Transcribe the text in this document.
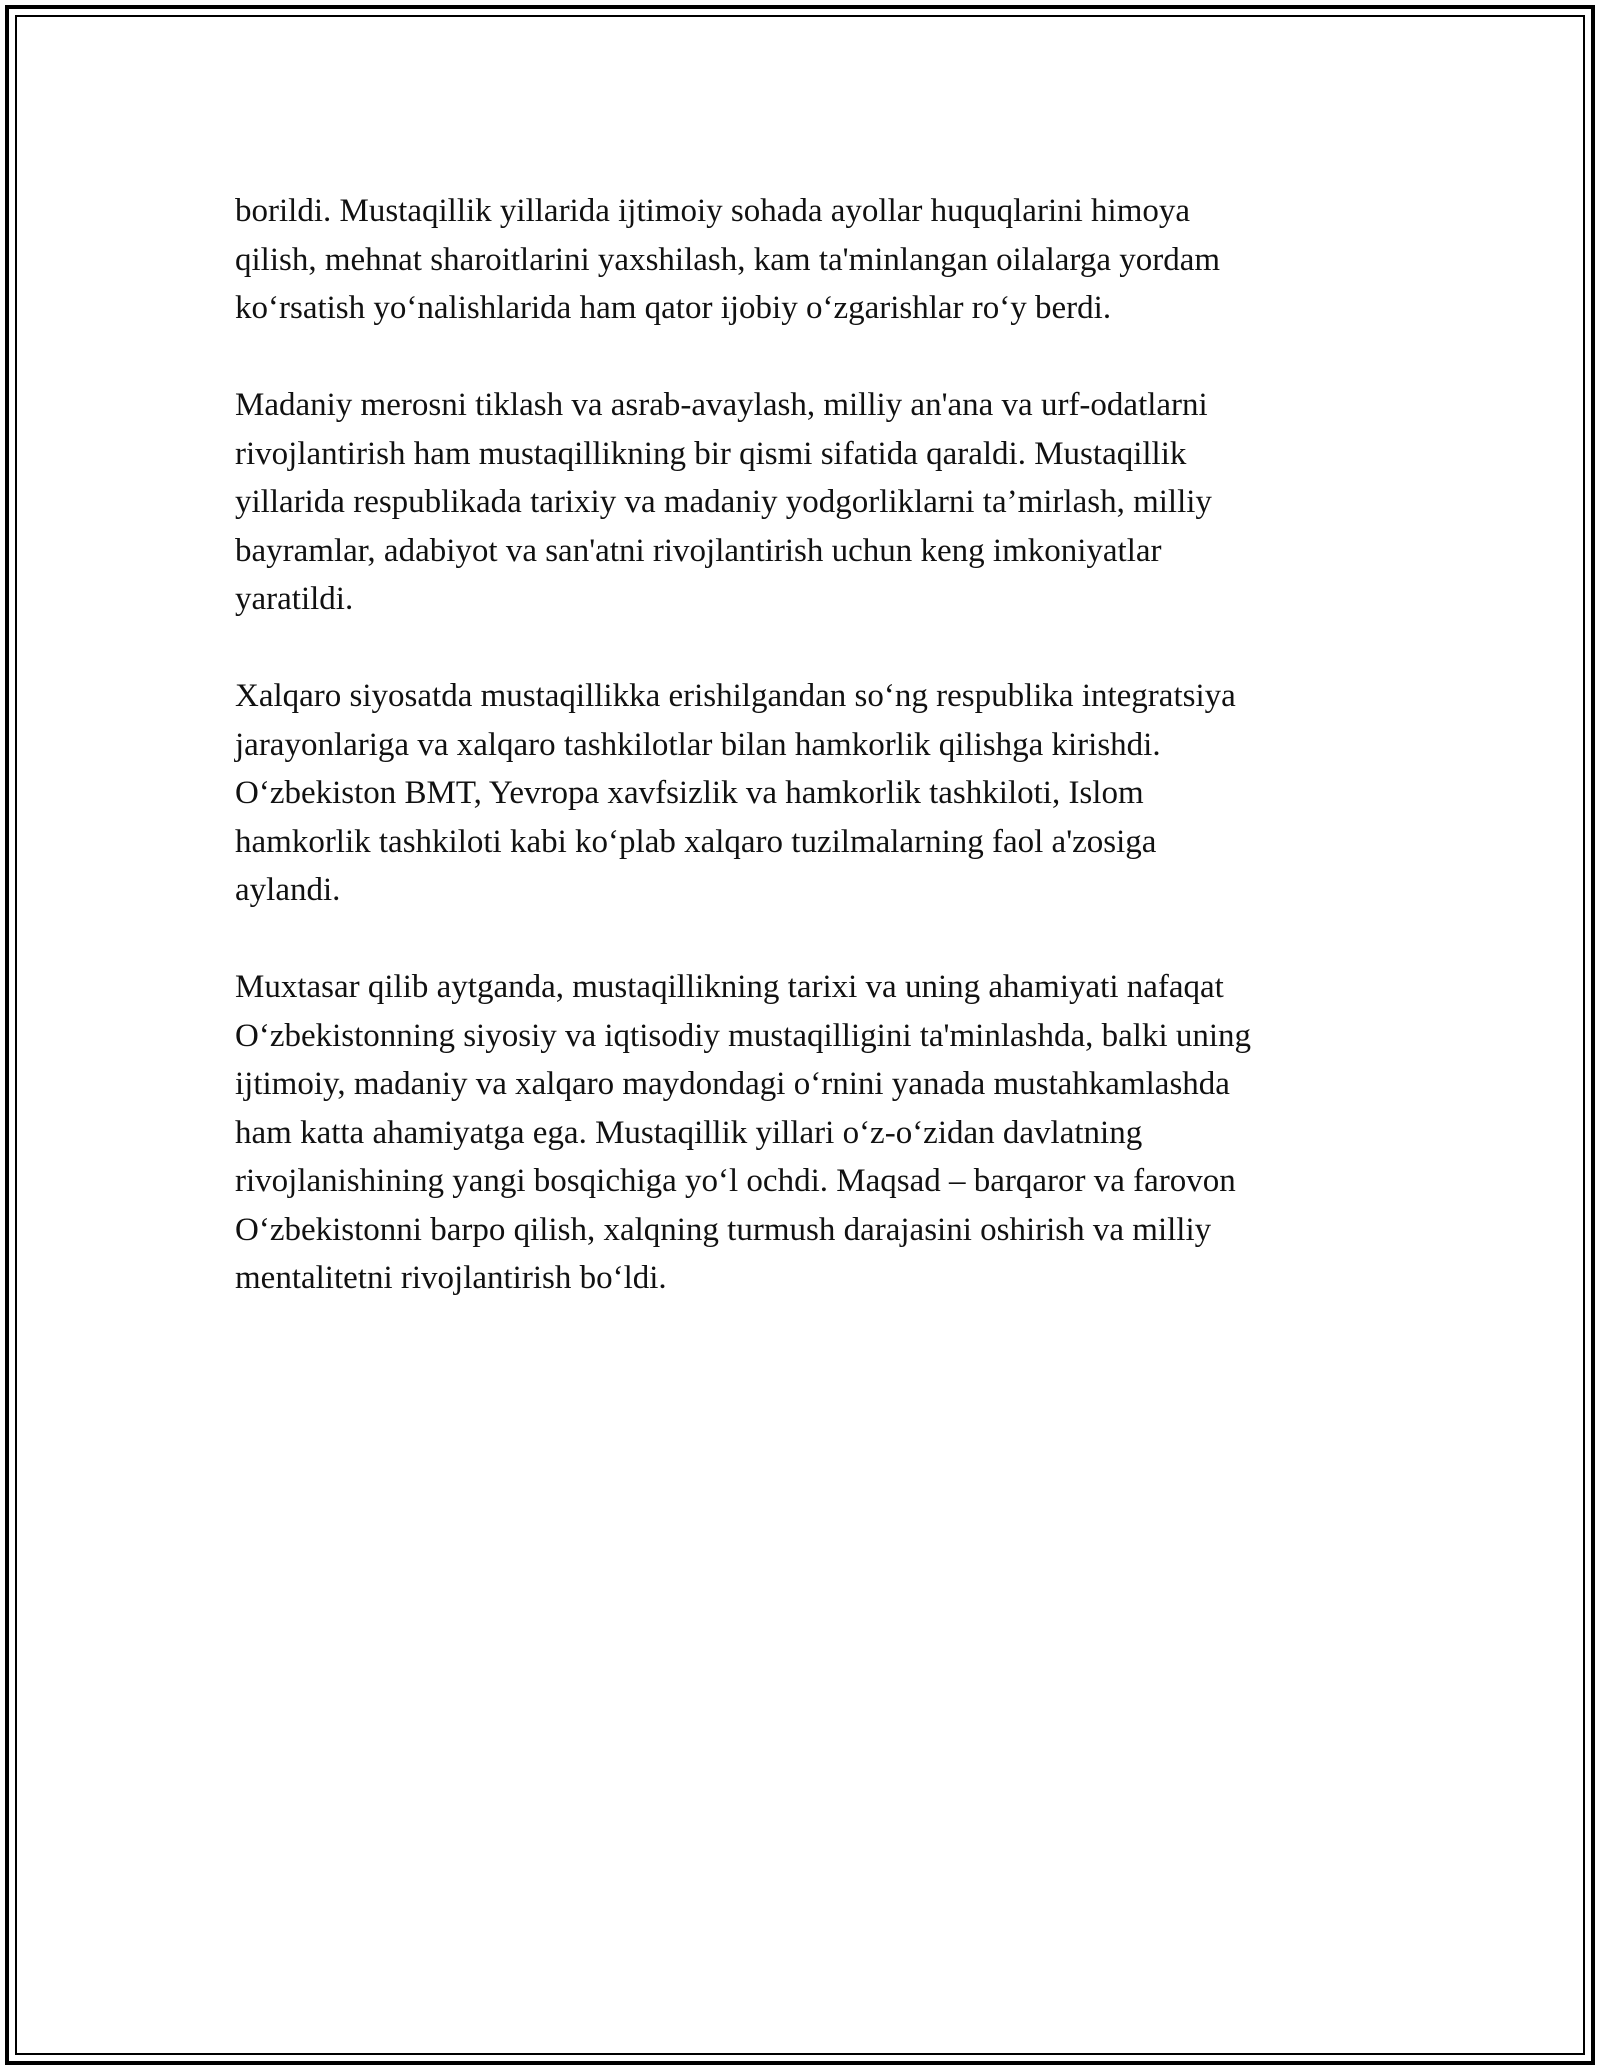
borildi. Mustaqillik yillarida ijtimoiy sohada ayollar huquqlarini himoya
qilish, mehnat sharoitlarini yaxshilash, kam ta'minlangan oilalarga yordam
ko‘rsatish yo‘nalishlarida ham qator ijobiy o‘zgarishlar ro‘y berdi.

Madaniy merosni tiklash va asrab-avaylash, milliy an'ana va urf-odatlarni
rivojlantirish ham mustaqillikning bir qismi sifatida qaraldi. Mustaqillik
yillarida respublikada tarixiy va madaniy yodgorliklarni ta’mirlash, milliy
bayramlar, adabiyot va san'atni rivojlantirish uchun keng imkoniyatlar
yaratildi.

Xalqaro siyosatda mustaqillikka erishilgandan so‘ng respublika integratsiya
jarayonlariga va xalqaro tashkilotlar bilan hamkorlik qilishga kirishdi.
O‘zbekiston BMT, Yevropa xavfsizlik va hamkorlik tashkiloti, Islom
hamkorlik tashkiloti kabi ko‘plab xalqaro tuzilmalarning faol a'zosiga
aylandi.

Muxtasar qilib aytganda, mustaqillikning tarixi va uning ahamiyati nafaqat
O‘zbekistonning siyosiy va iqtisodiy mustaqilligini ta'minlashda, balki uning
ijtimoiy, madaniy va xalqaro maydondagi o‘rnini yanada mustahkamlashda
ham katta ahamiyatga ega. Mustaqillik yillari o‘z-o‘zidan davlatning
rivojlanishining yangi bosqichiga yo‘l ochdi. Maqsad – barqaror va farovon
O‘zbekistonni barpo qilish, xalqning turmush darajasini oshirish va milliy
mentalitetni rivojlantirish bo‘ldi.
